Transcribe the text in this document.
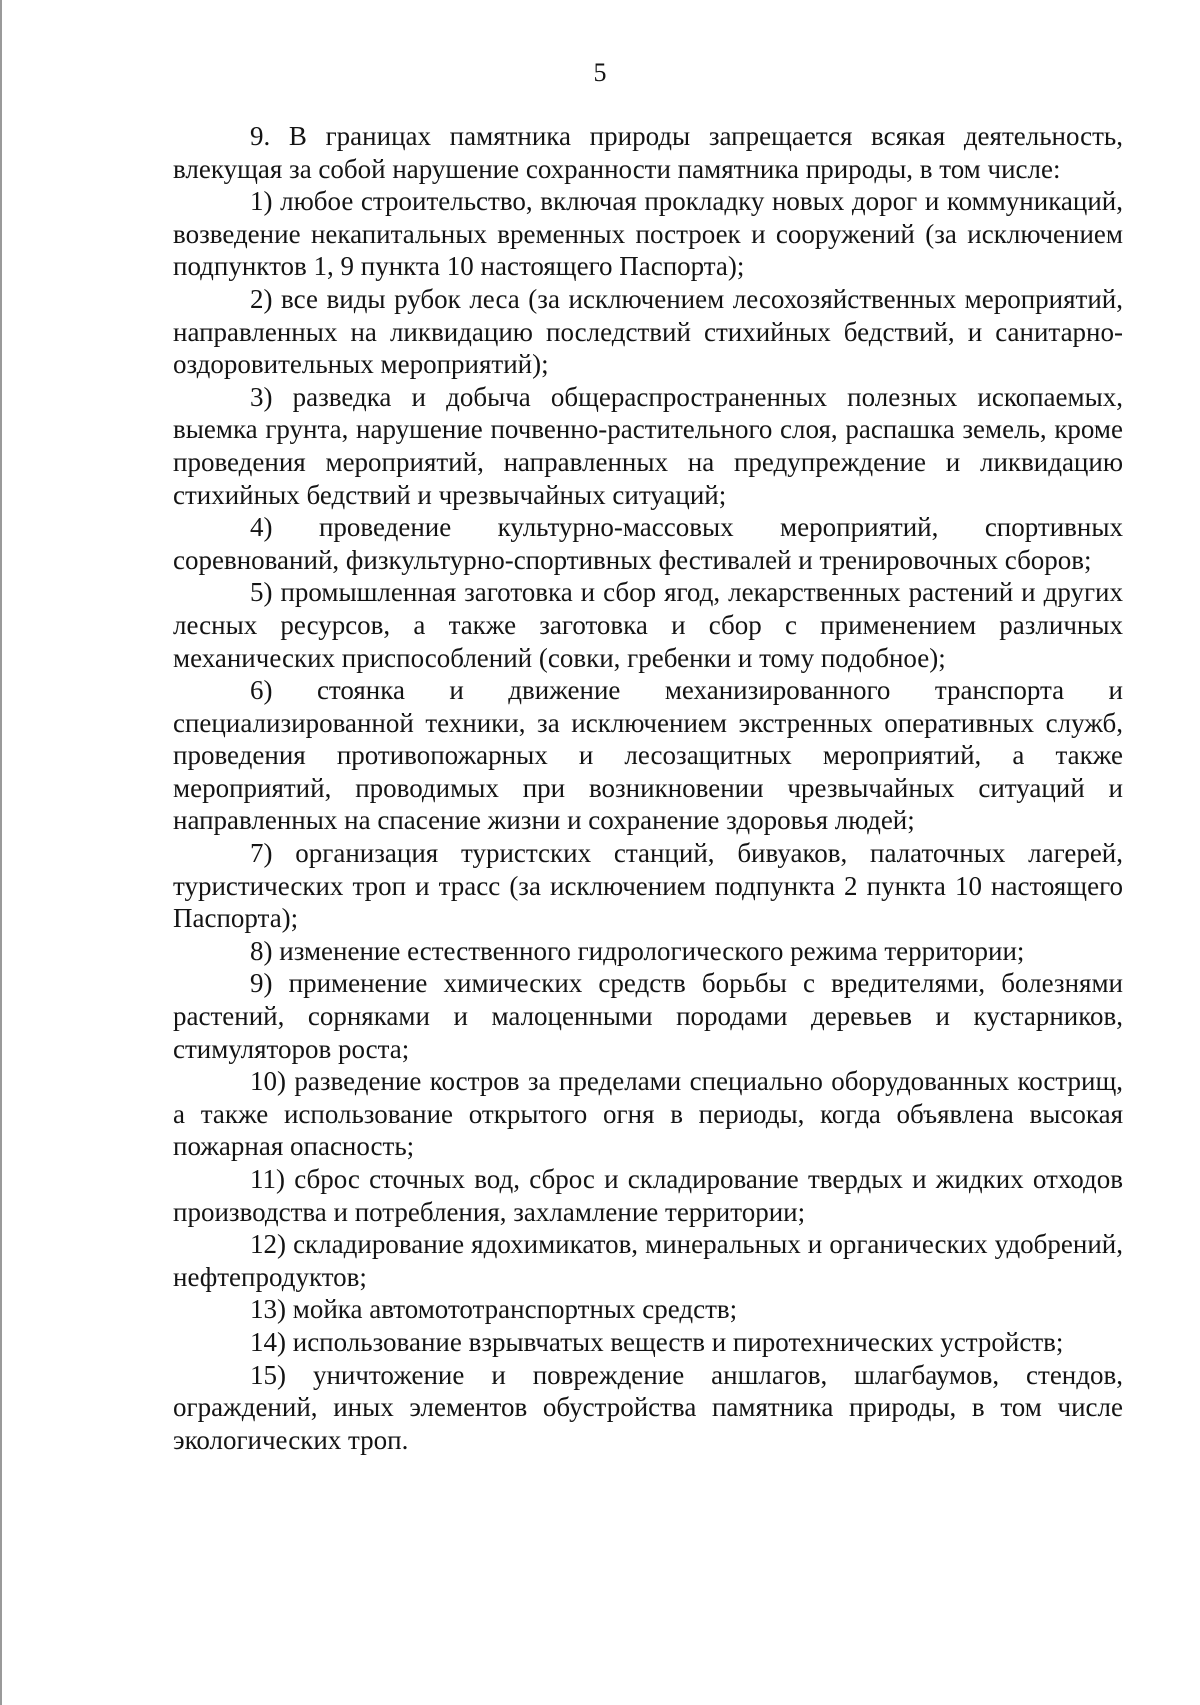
5

9. В границах памятника природы запрещается всякая деятельность, влекущая за собой нарушение сохранности памятника природы, в том числе:

1) любое строительство, включая прокладку новых дорог и коммуникаций, возведение некапитальных временных построек и сооружений (за исключением подпунктов 1, 9 пункта 10 настоящего Паспорта);

2) все виды рубок леса (за исключением лесохозяйственных мероприятий, направленных на ликвидацию последствий стихийных бедствий, и санитарно-оздоровительных мероприятий);

3) разведка и добыча общераспространенных полезных ископаемых, выемка грунта, нарушение почвенно-растительного слоя, распашка земель, кроме проведения мероприятий, направленных на предупреждение и ликвидацию стихийных бедствий и чрезвычайных ситуаций;

4) проведение культурно-массовых мероприятий, спортивных соревнований, физкультурно-спортивных фестивалей и тренировочных сборов;

5) промышленная заготовка и сбор ягод, лекарственных растений и других лесных ресурсов, а также заготовка и сбор с применением различных механических приспособлений (совки, гребенки и тому подобное);

6) стоянка и движение механизированного транспорта и специализированной техники, за исключением экстренных оперативных служб, проведения противопожарных и лесозащитных мероприятий, а также мероприятий, проводимых при возникновении чрезвычайных ситуаций и направленных на спасение жизни и сохранение здоровья людей;

7) организация туристских станций, бивуаков, палаточных лагерей, туристических троп и трасс (за исключением подпункта 2 пункта 10 настоящего Паспорта);

8) изменение естественного гидрологического режима территории;

9) применение химических средств борьбы с вредителями, болезнями растений, сорняками и малоценными породами деревьев и кустарников, стимуляторов роста;

10) разведение костров за пределами специально оборудованных кострищ, а также использование открытого огня в периоды, когда объявлена высокая пожарная опасность;

11) сброс сточных вод, сброс и складирование твердых и жидких отходов производства и потребления, захламление территории;

12) складирование ядохимикатов, минеральных и органических удобрений, нефтепродуктов;

13) мойка автомототранспортных средств;

14) использование взрывчатых веществ и пиротехнических устройств;

15) уничтожение и повреждение аншлагов, шлагбаумов, стендов, ограждений, иных элементов обустройства памятника природы, в том числе экологических троп.
